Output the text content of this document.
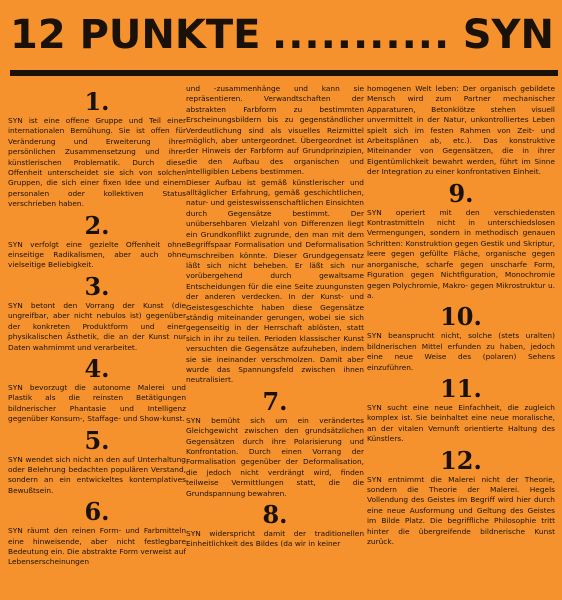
12 PUNKTE ........... SYN
1.

SYN ist eine offene Gruppe und Teil einer internationalen Bemühung. Sie ist offen für Veränderung und Erweiterung ihrer persönlichen Zusammensetzung und ihrer künstlerischen Problematik. Durch diese Offenheit unterscheidet sie sich von solchen Gruppen, die sich einer fixen Idee und einem personalen oder kollektiven Status verschrieben haben.

2.

SYN verfolgt eine gezielte Offenheit ohne einseitige Radikalismen, aber auch ohne vielseitige Beliebigkeit.

3.

SYN betont den Vorrang der Kunst (die ungreifbar, aber nicht nebulos ist) gegenüber der konkreten Produktform und einer physikalischen Ästhetik, die an der Kunst nur Daten wahrnimmt und verarbeitet.

4.

SYN bevorzugt die autonome Malerei und Plastik als die reinsten Betätigungen bildnerischer Phantasie und Intelligenz gegenüber Konsum-, Staffage- und Show-kunst.

5.

SYN wendet sich nicht an den auf Unterhaltung oder Belehrung bedachten populären Verstand, sondern an ein entwickeltes kontemplatives Bewußtsein.

6.

SYN räumt den reinen Form- und Farbmitteln eine hinweisende, aber nicht festlegbare Bedeutung ein. Die abstrakte Form verweist auf Lebenserscheinungen

und -zusammenhänge und kann sie repräsentieren. Verwandtschaften der abstrakten Farbform zu bestimmten Erscheinungsbildern bis zu gegenständlicher Verdeutlichung sind als visuelles Reizmittel möglich, aber untergeordnet. Übergeordnet ist der Hinweis der Farbform auf Grundprinzipien, die den Aufbau des organischen und intelligiblen Lebens bestimmen.

Dieser Aufbau ist gemäß künstlerischer und alltäglicher Erfahrung, gemäß geschichtlichen, natur- und geisteswissenschaftlichen Einsichten durch Gegensätze bestimmt. Der unübersehbaren Vielzahl von Differenzen liegt ein Grundkonflikt zugrunde, den man mit dem Begriffspaar Formalisation und Deformalisation umschreiben könnte. Dieser Grundgegensatz läßt sich nicht beheben. Er läßt sich nur vorübergehend durch gewaltsame Entscheidungen für die eine Seite zuungunsten der anderen verdecken. In der Kunst- und Geistesgeschichte haben diese Gegensätze ständig miteinander gerungen, wobei sie sich gegenseitig in der Herrschaft ablösten, statt sich in ihr zu teilen. Perioden klassischer Kunst versuchten die Gegensätze aufzuheben, indem sie sie ineinander verschmolzen. Damit aber wurde das Spannungsfeld zwischen ihnen neutralisiert.

7.

SYN bemüht sich um ein verändertes Gleichgewicht zwischen den grundsätzlichen Gegensätzen durch ihre Polarisierung und Konfrontation. Durch einen Vorrang der Formalisation gegenüber der Deformalisation, die jedoch nicht verdrängt wird, finden teilweise Vermittlungen statt, die die Grundspannung bewahren.

8.

SYN widerspricht damit der traditionellen Einheitlichkeit des Bildes (da wir in keiner

homogenen Welt leben: Der organisch gebildete Mensch wird zum Partner mechanischer Apparaturen, Betonklötze stehen visuell unvermittelt in der Natur, unkontrolliertes Leben spielt sich im festen Rahmen von Zeit- und Arbeitsplänen ab, etc.). Das konstruktive Miteinander von Gegensätzen, die in ihrer Eigentümlichkeit bewahrt werden, führt im Sinne der Integration zu einer konfrontativen Einheit.

9.

SYN operiert mit den verschiedensten Kontrastmitteln nicht in unterschiedslosen Vermengungen, sondern in methodisch genauen Schritten: Konstruktion gegen Gestik und Skriptur, leere gegen gefüllte Fläche, organische gegen anorganische, scharfe gegen unscharfe Form, Figuration gegen Nichtfiguration, Monochromie gegen Polychromie, Makro- gegen Mikrostruktur u. a.

10.

SYN beansprucht nicht, solche (stets uralten) bildnerischen Mittel erfunden zu haben, jedoch eine neue Weise des (polaren) Sehens einzuführen.

11.

SYN sucht eine neue Einfachheit, die zugleich komplex ist. Sie beinhaltet eine neue moralische, an der vitalen Vernunft orientierte Haltung des Künstlers.

12.

SYN entnimmt die Malerei nicht der Theorie, sondern die Theorie der Malerei. Hegels Vollendung des Geistes im Begriff wird hier durch eine neue Ausformung und Geltung des Geistes im Bilde Platz. Die begriffliche Philosophie tritt hinter die übergreifende bildnerische Kunst zurück.
